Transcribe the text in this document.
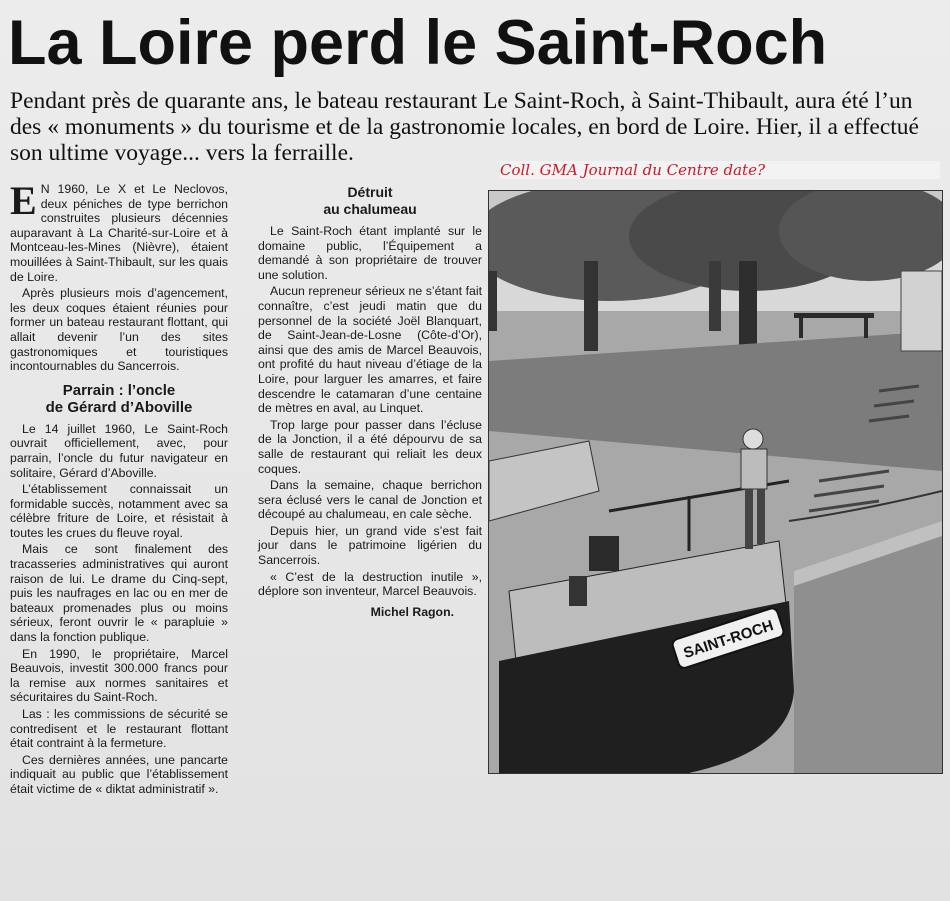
La Loire perd le Saint-Roch

Pendant près de quarante ans, le bateau restaurant Le Saint-Roch, à Saint-Thibault, aura été l’un des « monuments » du tourisme et de la gastronomie locales, en bord de Loire. Hier, il a effectué son ultime voyage... vers la ferraille.

Coll. GMA Journal du Centre date?

E N 1960, Le X et Le Neclovos, deux péniches de type berrichon construites plusieurs décennies auparavant à La Charité-sur-Loire et à Montceau-les-Mines (Nièvre), étaient mouillées à Saint-Thibault, sur les quais de Loire.

Après plusieurs mois d’agencement, les deux coques étaient réunies pour former un bateau restaurant flottant, qui allait devenir l’un des sites gastronomiques et touristiques incontournables du Sancerrois.

Parrain : l’oncle
de Gérard d’Aboville

Le 14 juillet 1960, Le Saint-Roch ouvrait officiellement, avec, pour parrain, l’oncle du futur navigateur en solitaire, Gérard d’Aboville.

L’établissement connaissait un formidable succès, notamment avec sa célèbre friture de Loire, et résistait à toutes les crues du fleuve royal.

Mais ce sont finalement des tracasseries administratives qui auront raison de lui. Le drame du Cinq-sept, puis les naufrages en lac ou en mer de bateaux promenades plus ou moins sérieux, feront ouvrir le « parapluie » dans la fonction publique.

En 1990, le propriétaire, Marcel Beauvois, investit 300.000 francs pour la remise aux normes sanitaires et sécuritaires du Saint-Roch.

Las : les commissions de sécurité se contredisent et le restaurant flottant était contraint à la fermeture.

Ces dernières années, une pancarte indiquait au public que l’établissement était victime de « diktat administratif ».

Détruit
au chalumeau

Le Saint-Roch étant implanté sur le domaine public, l’Équipement a demandé à son propriétaire de trouver une solution.

Aucun repreneur sérieux ne s’étant fait connaître, c’est jeudi matin que du personnel de la société Joël Blanquart, de Saint-Jean-de-Losne (Côte-d’Or), ainsi que des amis de Marcel Beauvois, ont profité du haut niveau d’étiage de la Loire, pour larguer les amarres, et faire descendre le catamaran d’une centaine de mètres en aval, au Linquet.

Trop large pour passer dans l’écluse de la Jonction, il a été dépourvu de sa salle de restaurant qui reliait les deux coques.

Dans la semaine, chaque berrichon sera éclusé vers le canal de Jonction et découpé au chalumeau, en cale sèche.

Depuis hier, un grand vide s’est fait jour dans le patrimoine ligérien du Sancerrois.

« C’est de la destruction inutile », déplore son inventeur, Marcel Beauvois.

Michel Ragon.
SAINT-ROCH
